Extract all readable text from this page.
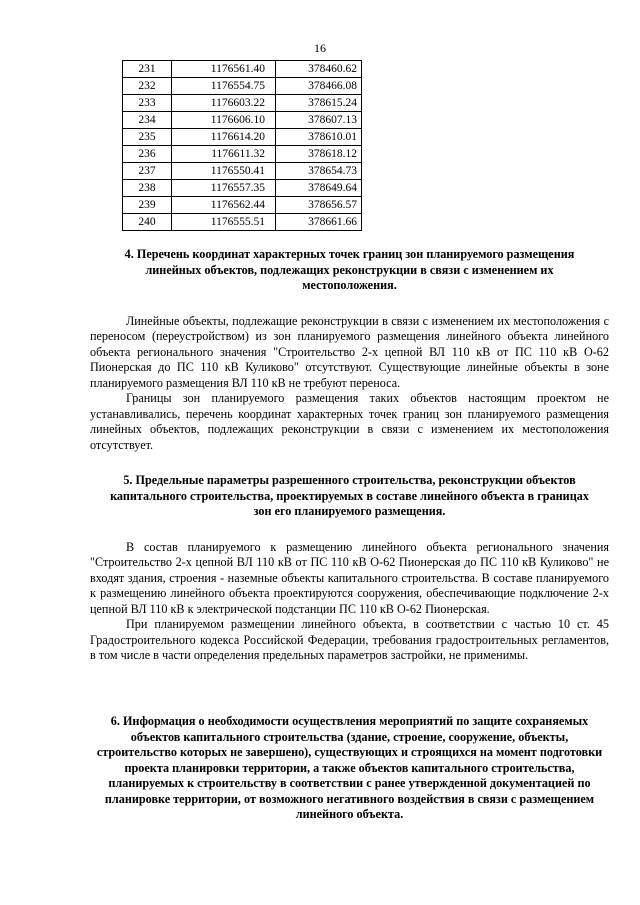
16
231	1176561.40	378460.62
232	1176554.75	378466.08
233	1176603.22	378615.24
234	1176606.10	378607.13
235	1176614.20	378610.01
236	1176611.32	378618.12
237	1176550.41	378654.73
238	1176557.35	378649.64
239	1176562.44	378656.57
240	1176555.51	378661.66

4. Перечень координат характерных точек границ зон планируемого размещения линейных объектов, подлежащих реконструкции в связи с изменением их местоположения.

Линейные объекты, подлежащие реконструкции в связи с изменением их местоположения с переносом (переустройством) из зон планируемого размещения линейного объекта линейного объекта регионального значения "Строительство 2-х цепной ВЛ 110 кВ от ПС 110 кВ О-62 Пионерская до ПС 110 кВ Куликово" отсутствуют. Существующие линейные объекты в зоне планируемого размещения ВЛ 110 кВ не требуют переноса.

Границы зон планируемого размещения таких объектов настоящим проектом не устанавливались, перечень координат характерных точек границ зон планируемого размещения линейных объектов, подлежащих реконструкции в связи с изменением их местоположения отсутствует.

5. Предельные параметры разрешенного строительства, реконструкции объектов капитального строительства, проектируемых в составе линейного объекта в границах зон его планируемого размещения.

В состав планируемого к размещению линейного объекта регионального значения "Строительство 2-х цепной ВЛ 110 кВ от ПС 110 кВ О-62 Пионерская до ПС 110 кВ Куликово" не входят здания, строения - наземные объекты капитального строительства. В составе планируемого к размещению линейного объекта проектируются сооружения, обеспечивающие подключение 2-х цепной ВЛ 110 кВ к электрической подстанции ПС 110 кВ О-62 Пионерская.

При планируемом размещении линейного объекта, в соответствии с частью 10 ст. 45 Градостроительного кодекса Российской Федерации, требования градостроительных регламентов, в том числе в части определения предельных параметров застройки, не применимы.

6. Информация о необходимости осуществления мероприятий по защите сохраняемых объектов капитального строительства (здание, строение, сооружение, объекты, строительство которых не завершено), существующих и строящихся на момент подготовки проекта планировки территории, а также объектов капитального строительства, планируемых к строительству в соответствии с ранее утвержденной документацией по планировке территории, от возможного негативного воздействия в связи с размещением линейного объекта.
